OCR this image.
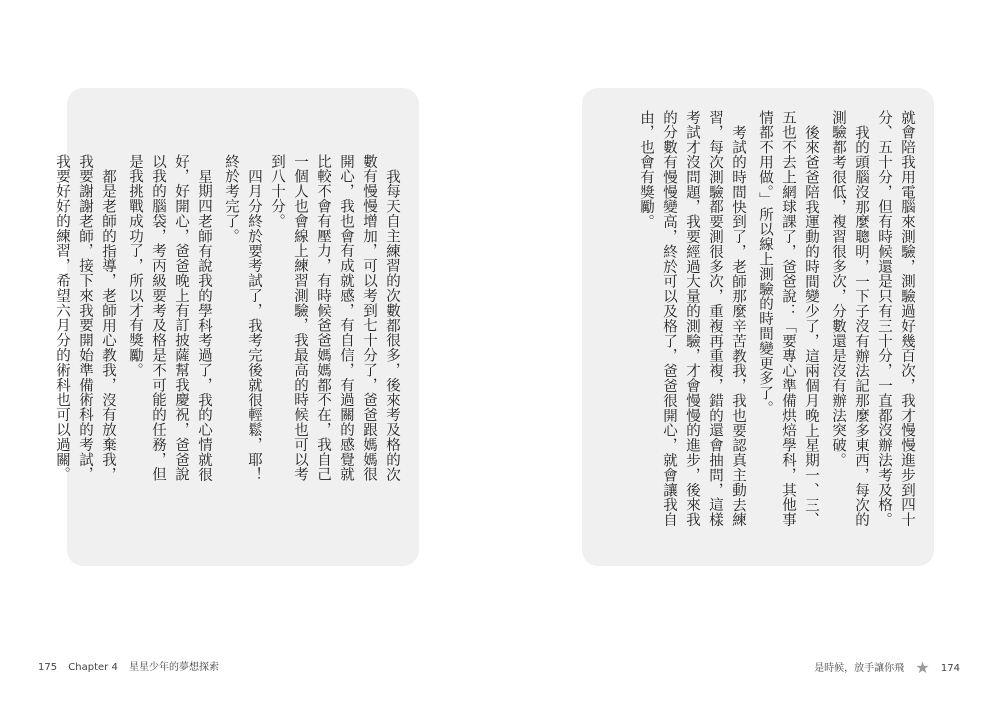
我每天自主練習的次數都很多，後來考及格的次數有慢慢增加，可以考到七十分了，爸爸跟媽媽很開心，我也會有成就感，有自信，有過關的感覺就比較不會有壓力，有時候爸爸媽媽都不在，我自己一個人也會線上練習測驗，我最高的時候也可以考到八十分。

四月分終於要考試了，我考完後就很輕鬆，耶！終於考完了。

星期四老師有說我的學科考過了，我的心情就很好，好開心，爸爸晚上有訂披薩幫我慶祝，爸爸說以我的腦袋，考丙級要考及格是不可能的任務，但是我挑戰成功了，所以才有獎勵。

都是老師的指導，老師用心教我，沒有放棄我，我要謝謝老師，接下來我要開始準備術科的考試，我要好好的練習，希望六月分的術科也可以過關。	就會陪我用電腦來測驗，測驗過好幾百次，我才慢慢進步到四十分、五十分，但有時候還是只有三十分，一直都沒辦法考及格。

我的頭腦沒那麼聰明，一下子沒有辦法記那麼多東西，每次的測驗都考很低，複習很多次，分數還是沒有辦法突破。

後來爸爸陪我運動的時間變少了，這兩個月晚上星期一、三、五也不去上網球課了，爸爸說：「要專心準備烘焙學科，其他事情都不用做。」所以線上測驗的時間變更多了。

考試的時間快到了，老師那麼辛苦教我，我也要認真主動去練習，每次測驗都要測很多次，重複再重複，錯的還會抽問，這樣考試才沒問題，我要經過大量的測驗，才會慢慢的進步，後來我的分數有慢慢變高，終於可以及格了，爸爸很開心，就會讓我自由，也會有獎勵。

175 Chapter 4 星星少年的夢想探索	是時候，放手讓你飛 ★ 174
